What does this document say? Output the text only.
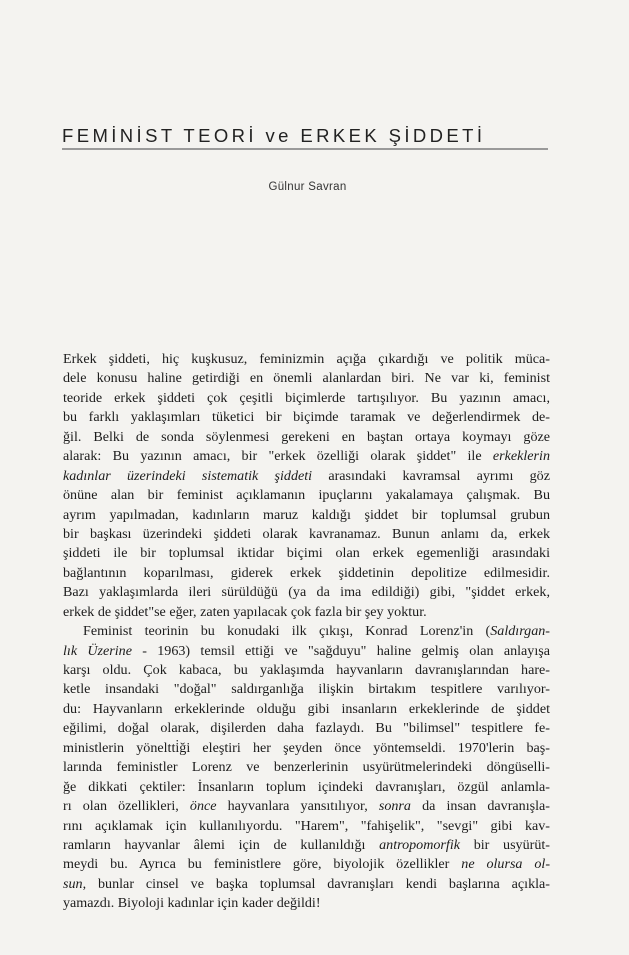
FEMİNİST TEORİ ve ERKEK ŞİDDETİ
Gülnur Savran
Erkek şiddeti, hiç kuşkusuz, feminizmin açığa çıkardığı ve politik müca-
dele konusu haline getirdiği en önemli alanlardan biri. Ne var ki, feminist
teoride erkek şiddeti çok çeşitli biçimlerde tartışılıyor. Bu yazının amacı,
bu farklı yaklaşımları tüketici bir biçimde taramak ve değerlendirmek de-
ğil. Belki de sonda söylenmesi gerekeni en baştan ortaya koymayı göze
alarak: Bu yazının amacı, bir "erkek özelliği olarak şiddet" ile erkeklerin
kadınlar üzerindeki sistematik şiddeti arasındaki kavramsal ayrımı göz
önüne alan bir feminist açıklamanın ipuçlarını yakalamaya çalışmak. Bu
ayrım yapılmadan, kadınların maruz kaldığı şiddet bir toplumsal grubun
bir başkası üzerindeki şiddeti olarak kavranamaz. Bunun anlamı da, erkek
şiddeti ile bir toplumsal iktidar biçimi olan erkek egemenliği arasındaki
bağlantının koparılması, giderek erkek şiddetinin depolitize edilmesidir.
Bazı yaklaşımlarda ileri sürüldüğü (ya da ima edildiği) gibi, "şiddet erkek,
erkek de şiddet"se eğer, zaten yapılacak çok fazla bir şey yoktur.
Feminist teorinin bu konudaki ilk çıkışı, Konrad Lorenz'in (Saldırgan-
lık Üzerine - 1963) temsil ettiği ve "sağduyu" haline gelmiş olan anlayışa
karşı oldu. Çok kabaca, bu yaklaşımda hayvanların davranışlarından hare-
ketle insandaki "doğal" saldırganlığa ilişkin birtakım tespitlere varılıyor-
du: Hayvanların erkeklerinde olduğu gibi insanların erkeklerinde de şiddet
eğilimi, doğal olarak, dişilerden daha fazlaydı. Bu "bilimsel" tespitlere fe-
ministlerin yöneltti̇ği eleştiri her şeyden önce yöntemseldi. 1970'lerin baş-
larında feministler Lorenz ve benzerlerinin usyürütmelerindeki döngüselli-
ğe dikkati çektiler: İnsanların toplum içindeki davranışları, özgül anlamla-
rı olan özellikleri, önce hayvanlara yansıtılıyor, sonra da insan davranışla-
rını açıklamak için kullanılıyordu. "Harem", "fahişelik", "sevgi" gibi kav-
ramların hayvanlar âlemi için de kullanıldığı antropomorfik bir usyürüt-
meydi bu. Ayrıca bu feministlere göre, biyolojik özellikler ne olursa ol-
sun, bunlar cinsel ve başka toplumsal davranışları kendi başlarına açıkla-
yamazdı. Biyoloji kadınlar için kader değildi!
